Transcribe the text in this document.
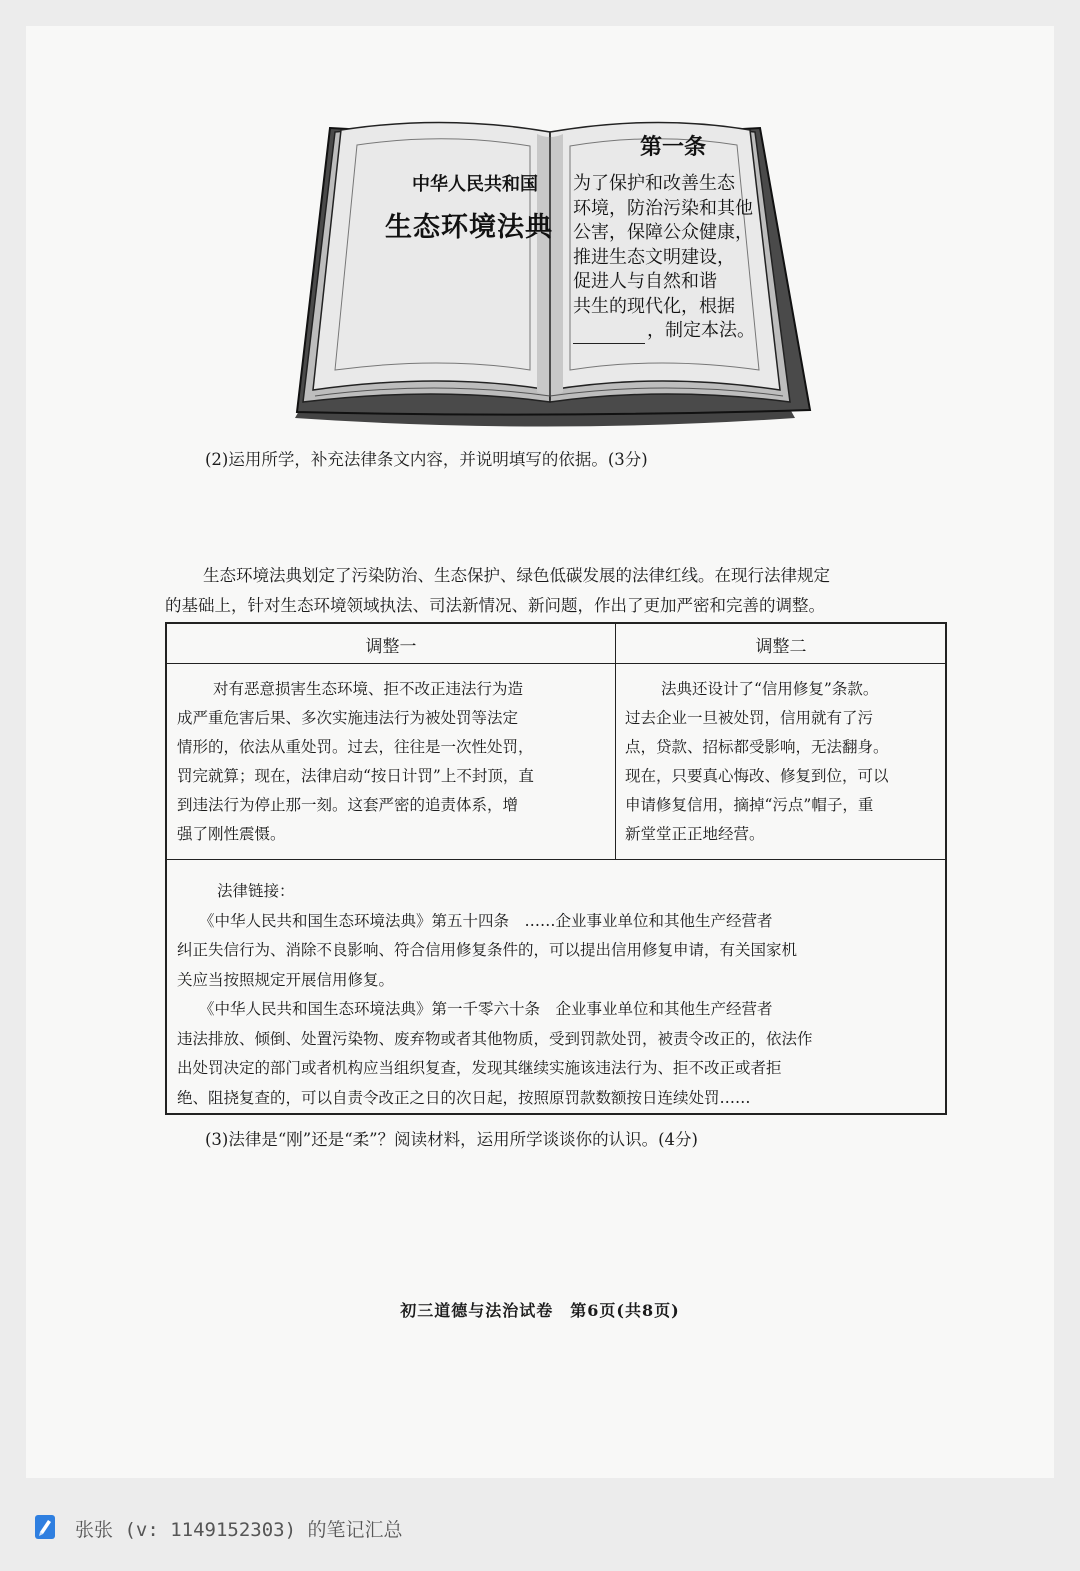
中华人民共和国
生态环境法典
第一条
为了保护和改善生态
环境，防治污染和其他
公害，保障公众健康，
推进生态文明建设，
促进人与自然和谐
共生的现代化，根据
，制定本法。
(2)运用所学，补充法律条文内容，并说明填写的依据。(3分)
生态环境法典划定了污染防治、生态保护、绿色低碳发展的法律红线。在现行法律规定
的基础上，针对生态环境领域执法、司法新情况、新问题，作出了更加严密和完善的调整。
调整一	调整二
对有恶意损害生态环境、拒不改正违法行为造
成严重危害后果、多次实施违法行为被处罚等法定
情形的，依法从重处罚。过去，往往是一次性处罚，
罚完就算；现在，法律启动“按日计罚”上不封顶，直
到违法行为停止那一刻。这套严密的追责体系，增
强了刚性震慑。
法典还设计了“信用修复”条款。
过去企业一旦被处罚，信用就有了污
点，贷款、招标都受影响，无法翻身。
现在，只要真心悔改、修复到位，可以
申请修复信用，摘掉“污点”帽子，重
新堂堂正正地经营。
法律链接：
《中华人民共和国生态环境法典》第五十四条　……企业事业单位和其他生产经营者
纠正失信行为、消除不良影响、符合信用修复条件的，可以提出信用修复申请，有关国家机
关应当按照规定开展信用修复。
《中华人民共和国生态环境法典》第一千零六十条　企业事业单位和其他生产经营者
违法排放、倾倒、处置污染物、废弃物或者其他物质，受到罚款处罚，被责令改正的，依法作
出处罚决定的部门或者机构应当组织复查，发现其继续实施该违法行为、拒不改正或者拒
绝、阻挠复查的，可以自责令改正之日的次日起，按照原罚款数额按日连续处罚……
(3)法律是“刚”还是“柔”？阅读材料，运用所学谈谈你的认识。(4分)
初三道德与法治试卷　第6页(共8页)
张张 (v: 1149152303) 的笔记汇总
